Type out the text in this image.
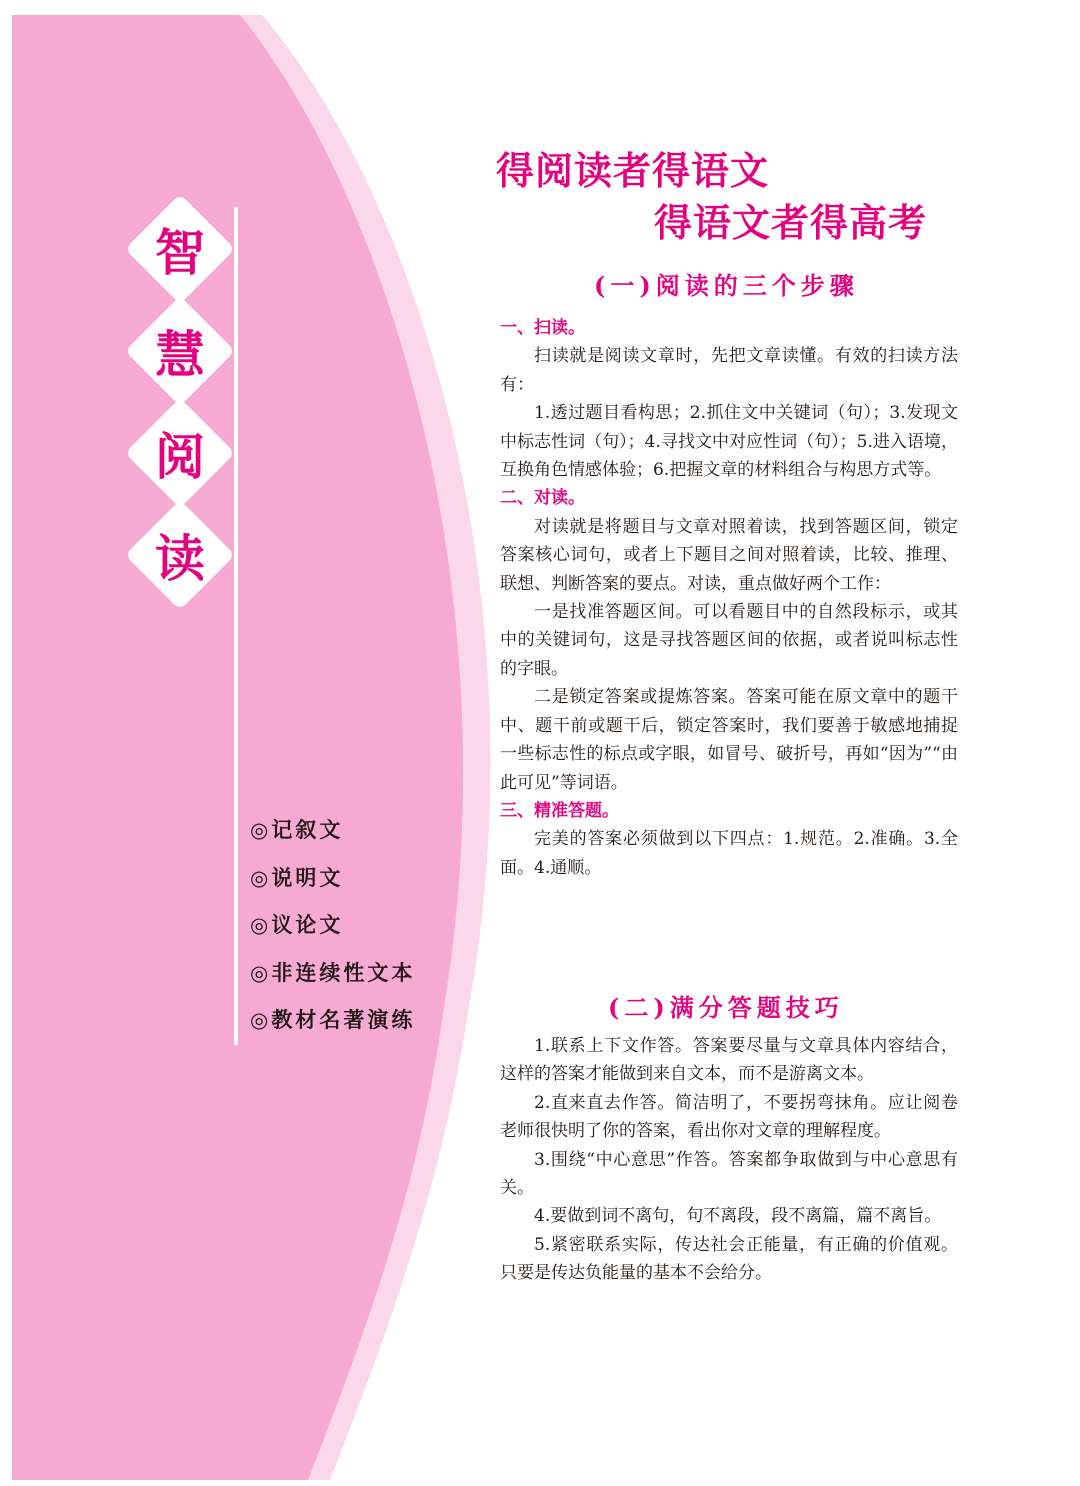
智
慧
阅
读
◎记叙文
◎说明文
◎议论文
◎非连续性文本
◎教材名著演练
得阅读者得语文
得语文者得高考
(一)阅读的三个步骤

一、扫读。

扫读就是阅读文章时，先把文章读懂。有效的扫读方法有：

1.透过题目看构思；2.抓住文中关键词（句）；3.发现文中标志性词（句）；4.寻找文中对应性词（句）；5.进入语境，互换角色情感体验；6.把握文章的材料组合与构思方式等。

二、对读。

对读就是将题目与文章对照着读，找到答题区间，锁定答案核心词句，或者上下题目之间对照着读，比较、推理、联想、判断答案的要点。对读，重点做好两个工作：

一是找准答题区间。可以看题目中的自然段标示，或其中的关键词句，这是寻找答题区间的依据，或者说叫标志性的字眼。

二是锁定答案或提炼答案。答案可能在原文章中的题干中、题干前或题干后，锁定答案时，我们要善于敏感地捕捉一些标志性的标点或字眼，如冒号、破折号，再如“因为”“由此可见”等词语。

三、精准答题。

完美的答案必须做到以下四点：1.规范。2.准确。3.全面。4.通顺。

(二)满分答题技巧

1.联系上下文作答。答案要尽量与文章具体内容结合，这样的答案才能做到来自文本，而不是游离文本。

2.直来直去作答。简洁明了，不要拐弯抹角。应让阅卷老师很快明了你的答案，看出你对文章的理解程度。

3.围绕“中心意思”作答。答案都争取做到与中心意思有关。

4.要做到词不离句，句不离段，段不离篇，篇不离旨。

5.紧密联系实际，传达社会正能量，有正确的价值观。只要是传达负能量的基本不会给分。
